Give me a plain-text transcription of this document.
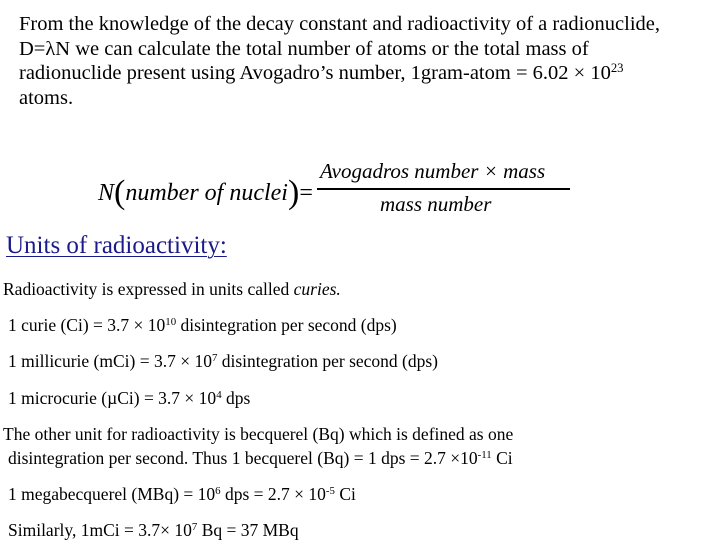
From the knowledge of the decay constant and radioactivity of a radionuclide,

D=λN we can calculate the total number of atoms or the total mass of

radionuclide present using Avogadro’s number, 1gram-atom = $6.02 \times 10^{23}$

atoms.

N(number of nuclei)=
Avogadros number × mass
mass number
Units of radioactivity:

Radioactivity is expressed in units called curies.

1 curie $(Ci) = 3.7 \times 10^{10}$ disintegration per second (dps)

1 millicurie $(mCi) = 3.7 \times 10^7$ disintegration per second (dps)

1 microcurie $(\mu Ci) = 3.7 \times 10^4$ dps

The other unit for radioactivity is becquerel (Bq) which is defined as one

disintegration per second. Thus 1 becquerel (Bq) = 1 dps = $2.7 \times 10^{-11}$ Ci

1 megabecquerel $(MBq) = 10^6$ dps = $2.7 \times 10^{-5}$ Ci

Similarly, $1mCi = 3.7\times 10^7$ Bq = 37 MBq
